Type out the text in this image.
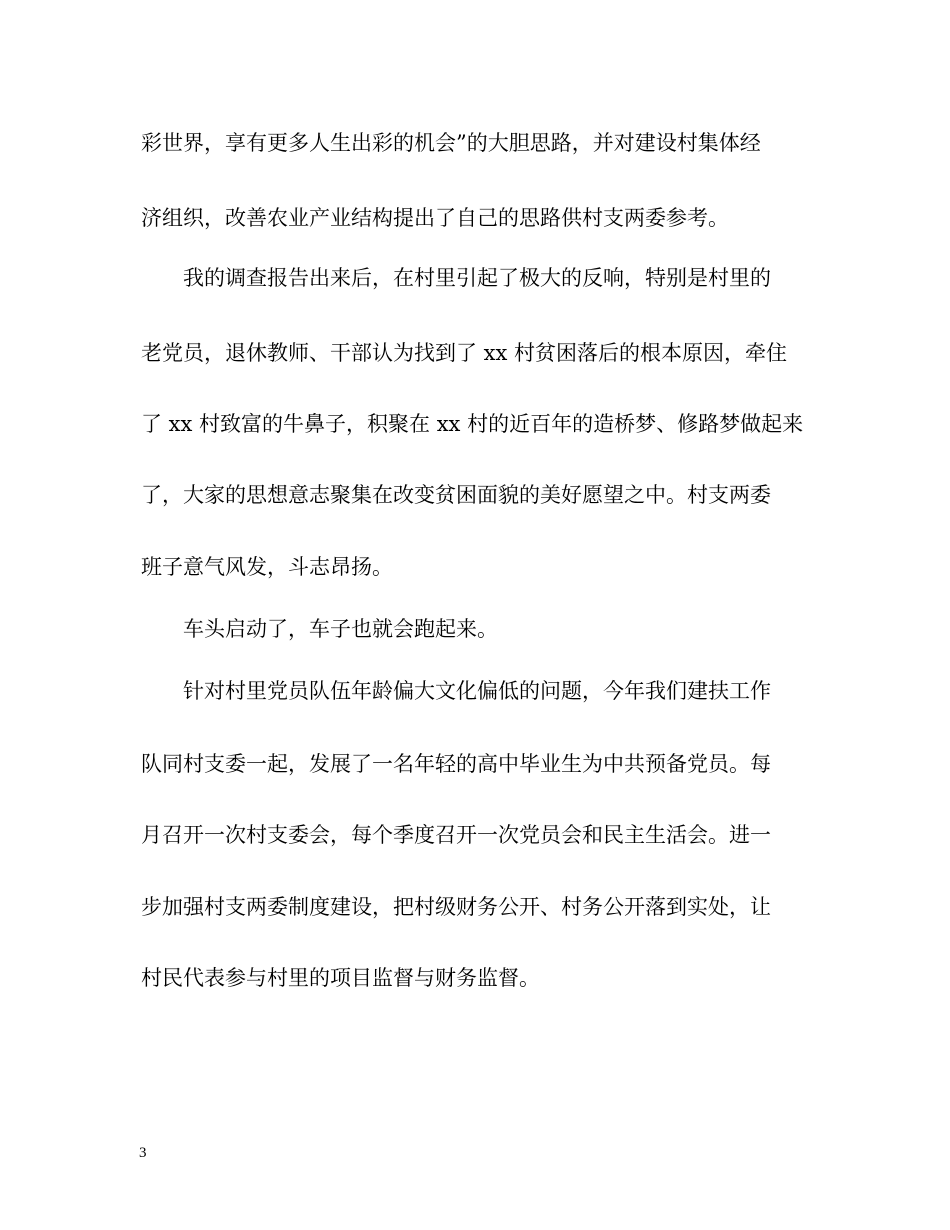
彩世界，享有更多人生出彩的机会”的大胆思路，并对建设村集体经
济组织，改善农业产业结构提出了自己的思路供村支两委参考。
我的调查报告出来后，在村里引起了极大的反响，特别是村里的
老党员，退休教师、干部认为找到了 xx 村贫困落后的根本原因，牵住
了 xx 村致富的牛鼻子，积聚在 xx 村的近百年的造桥梦、修路梦做起来
了，大家的思想意志聚集在改变贫困面貌的美好愿望之中。村支两委
班子意气风发，斗志昂扬。
车头启动了，车子也就会跑起来。
针对村里党员队伍年龄偏大文化偏低的问题，今年我们建扶工作
队同村支委一起，发展了一名年轻的高中毕业生为中共预备党员。每
月召开一次村支委会，每个季度召开一次党员会和民主生活会。进一
步加强村支两委制度建设，把村级财务公开、村务公开落到实处，让
村民代表参与村里的项目监督与财务监督。
3
